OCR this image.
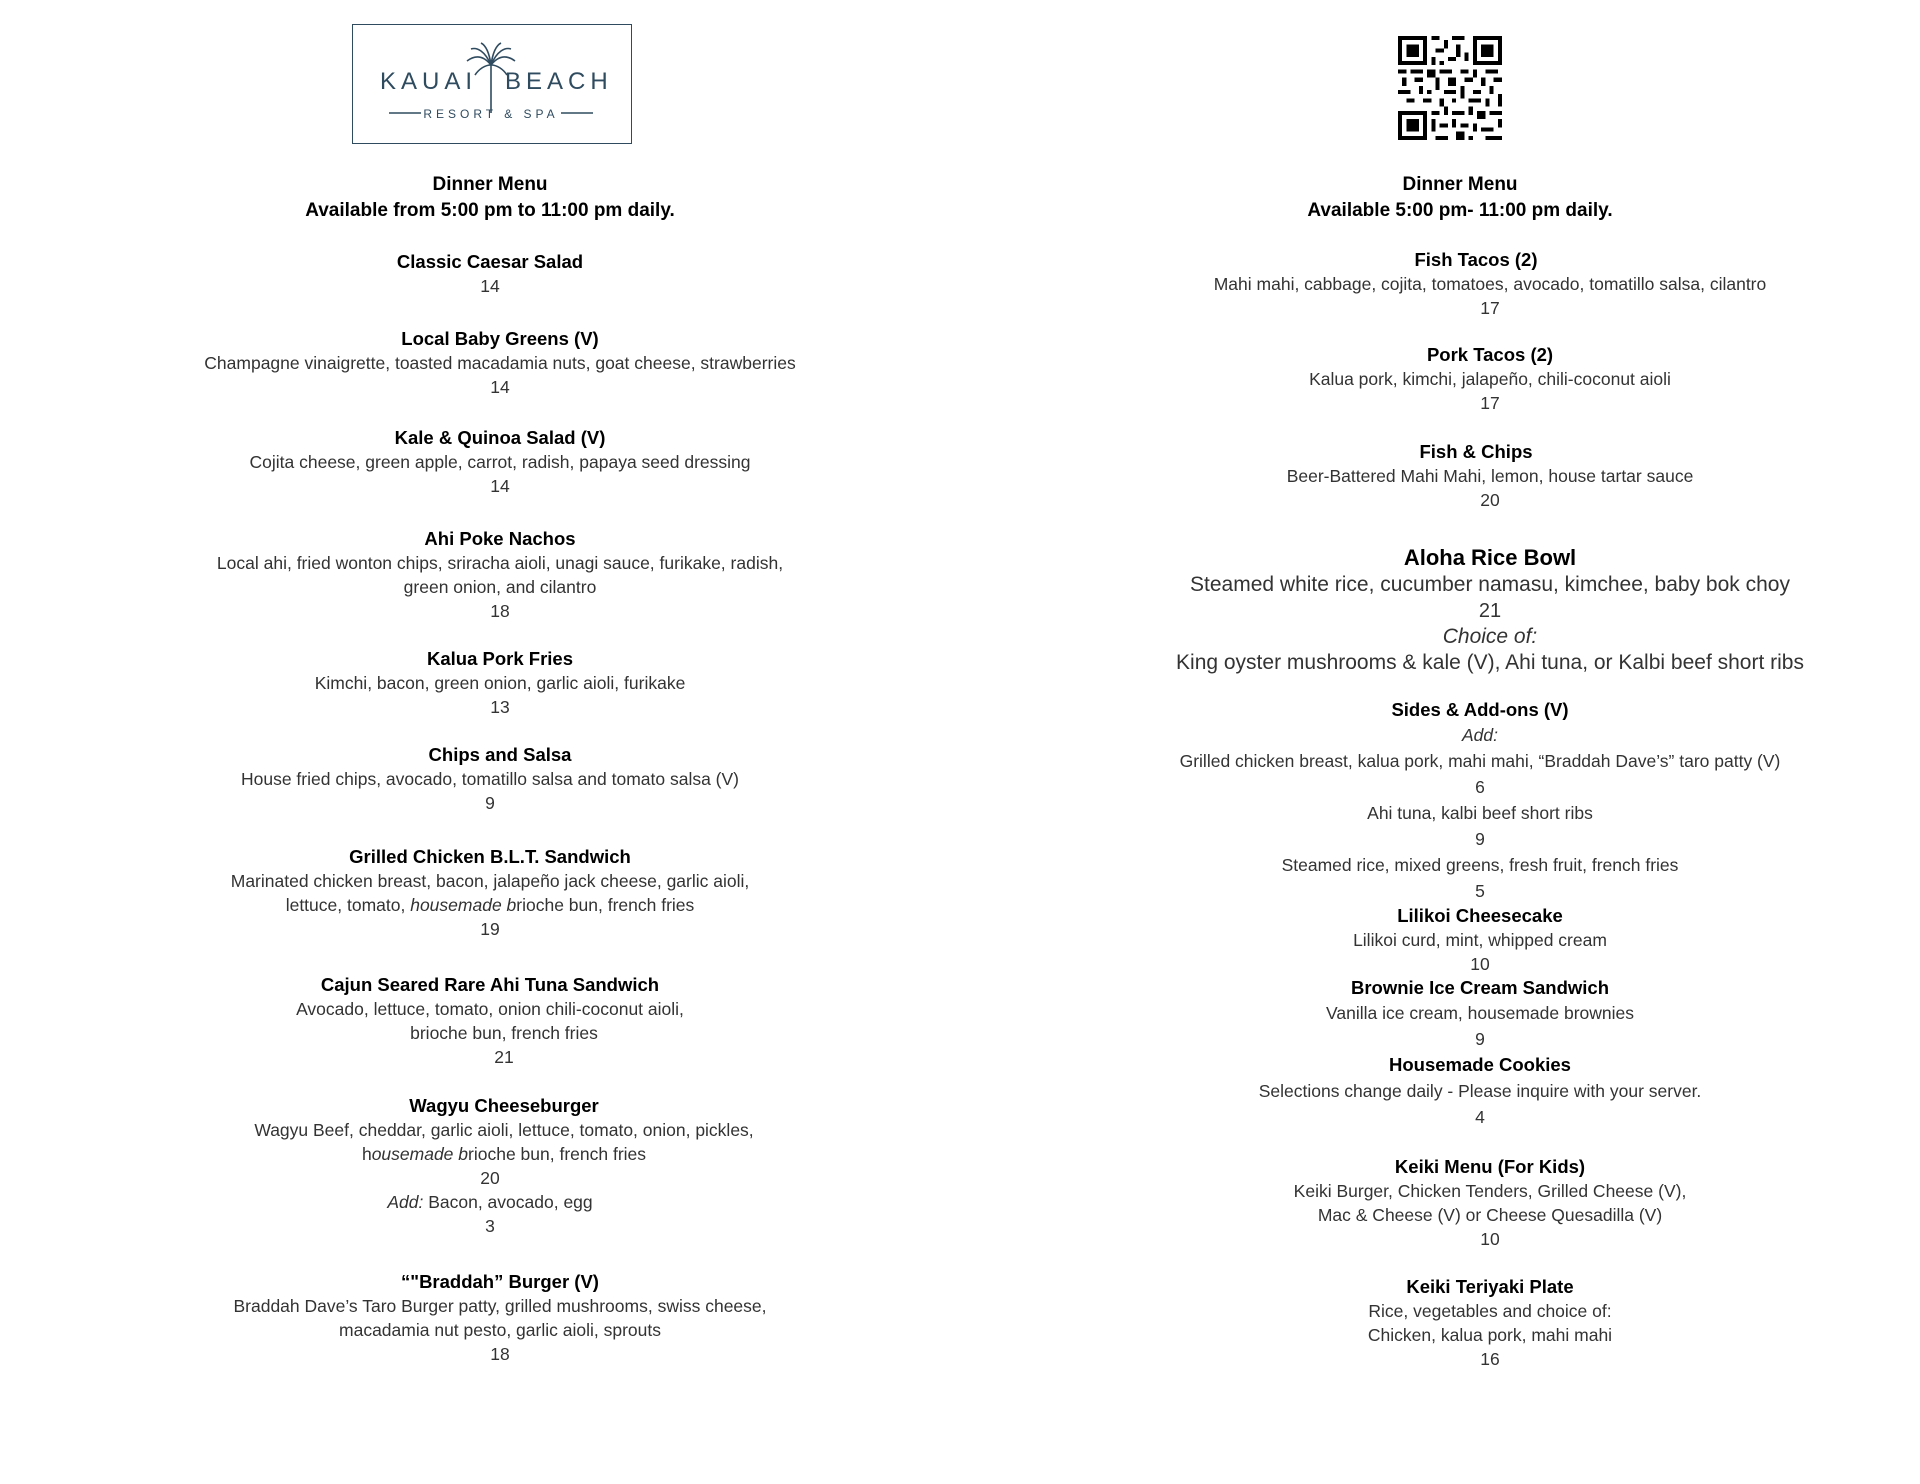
KAUAI BEACH
RESORT & SPA
Dinner Menu
Available from 5:00 pm to 11:00 pm daily.
Classic Caesar Salad
14
Local Baby Greens (V)
Champagne vinaigrette, toasted macadamia nuts, goat cheese, strawberries
14
Kale & Quinoa Salad (V)
Cojita cheese, green apple, carrot, radish, papaya seed dressing
14
Ahi Poke Nachos
Local ahi, fried wonton chips, sriracha aioli, unagi sauce, furikake, radish,
green onion, and cilantro
18
Kalua Pork Fries
Kimchi, bacon, green onion, garlic aioli, furikake
13
Chips and Salsa
House fried chips, avocado, tomatillo salsa and tomato salsa (V)
9
Grilled Chicken B.L.T. Sandwich
Marinated chicken breast, bacon, jalapeño jack cheese, garlic aioli,
lettuce, tomato, housemade brioche bun, french fries
19
Cajun Seared Rare Ahi Tuna Sandwich
Avocado, lettuce, tomato, onion chili-coconut aioli,
brioche bun, french fries
21
Wagyu Cheeseburger
Wagyu Beef, cheddar, garlic aioli, lettuce, tomato, onion, pickles,
housemade brioche bun, french fries
20
Add: Bacon, avocado, egg
3
“"Braddah” Burger (V)
Braddah Dave’s Taro Burger patty, grilled mushrooms, swiss cheese,
macadamia nut pesto, garlic aioli, sprouts
18
Dinner Menu
Available 5:00 pm- 11:00 pm daily.
Fish Tacos (2)
Mahi mahi, cabbage, cojita, tomatoes, avocado, tomatillo salsa, cilantro
17
Pork Tacos (2)
Kalua pork, kimchi, jalapeño, chili-coconut aioli
17
Fish & Chips
Beer-Battered Mahi Mahi, lemon, house tartar sauce
20
Aloha Rice Bowl
Steamed white rice, cucumber namasu, kimchee, baby bok choy
21
Choice of:
King oyster mushrooms & kale (V), Ahi tuna, or Kalbi beef short ribs
Sides & Add-ons (V)
Add:
Grilled chicken breast, kalua pork, mahi mahi, “Braddah Dave’s” taro patty (V)
6
Ahi tuna, kalbi beef short ribs
9
Steamed rice, mixed greens, fresh fruit, french fries
5
Lilikoi Cheesecake
Lilikoi curd, mint, whipped cream
10
Brownie Ice Cream Sandwich
Vanilla ice cream, housemade brownies
9
Housemade Cookies
Selections change daily - Please inquire with your server.
4
Keiki Menu (For Kids)
Keiki Burger, Chicken Tenders, Grilled Cheese (V),
Mac & Cheese (V) or Cheese Quesadilla (V)
10
Keiki Teriyaki Plate
Rice, vegetables and choice of:
Chicken, kalua pork, mahi mahi
16
